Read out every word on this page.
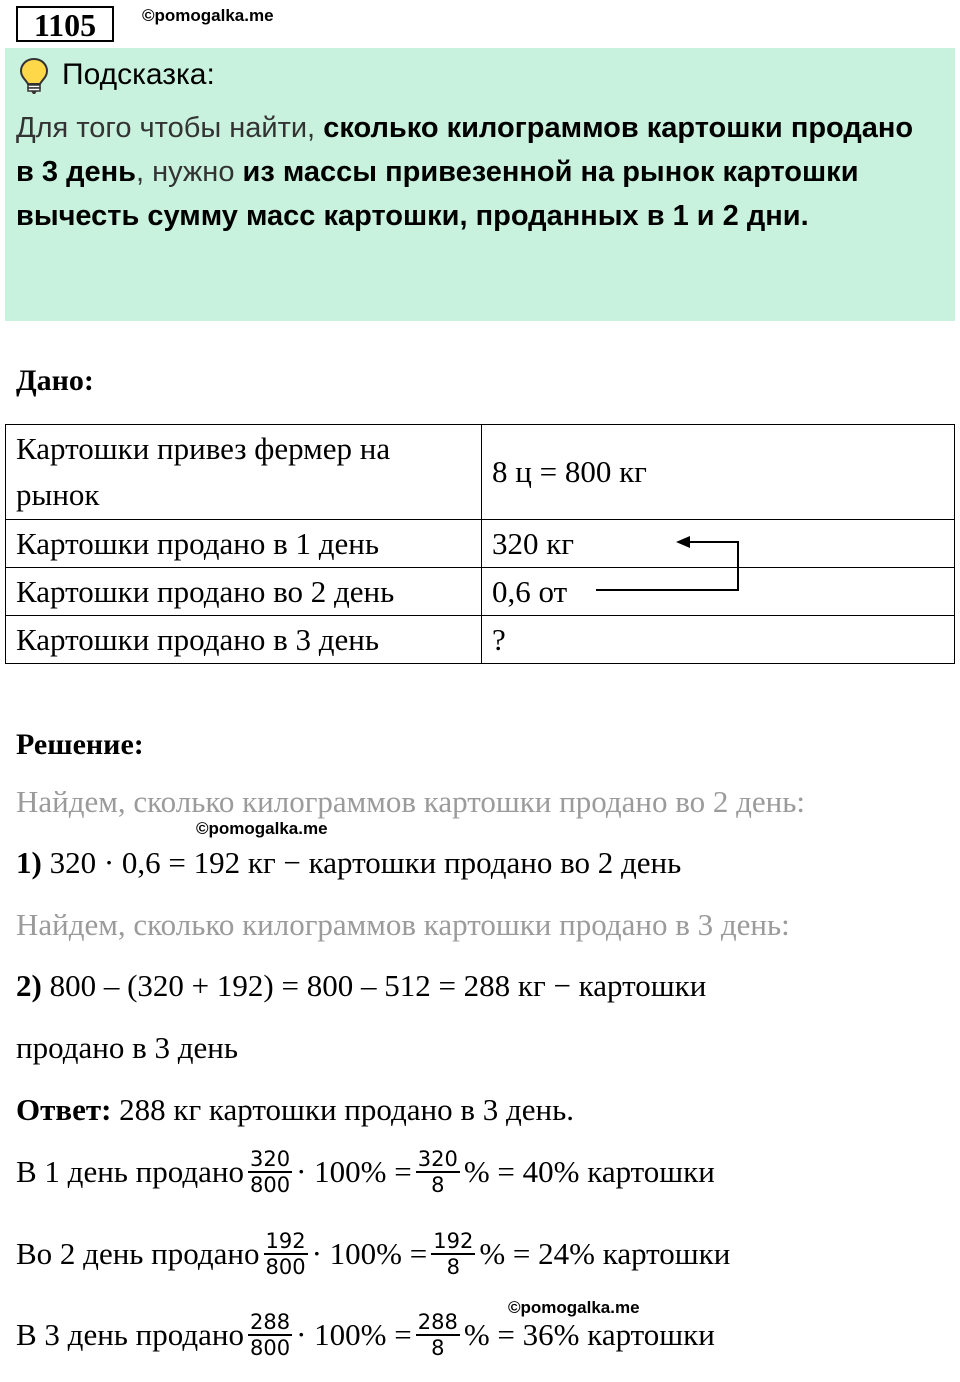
1105	©pomogalka.me
Подсказка:
Для того чтобы найти, сколько килограммов картошки продано в 3 день, нужно из массы привезенной на рынок картошки вычесть сумму масс картошки, проданных в 1 и 2 дни.
Дано:
Картошки привез фермер на рынок	8 ц = 800 кг
Картошки продано в 1 день	320 кг
Картошки продано во 2 день	0,6 от
Картошки продано в 3 день	?
Решение:
Найдем, сколько килограммов картошки продано во 2 день:
©pomogalka.me
1) 320 · 0,6 = 192 кг − картошки продано во 2 день
Найдем, сколько килограммов картошки продано в 3 день:
2) 800 – (320 + 192) = 800 – 512 = 288 кг − картошки
продано в 3 день
Ответ: 288 кг картошки продано в 3 день.
В 1 день продано $\frac{320}{800} \cdot 100\% = \frac{320}{8}$ % = 40% картошки
Во 2 день продано $\frac{192}{800} \cdot 100\% = \frac{192}{8}$ % = 24% картошки
©pomogalka.me
В 3 день продано $\frac{288}{800} \cdot 100\% = \frac{288}{8}$ % = 36% картошки
